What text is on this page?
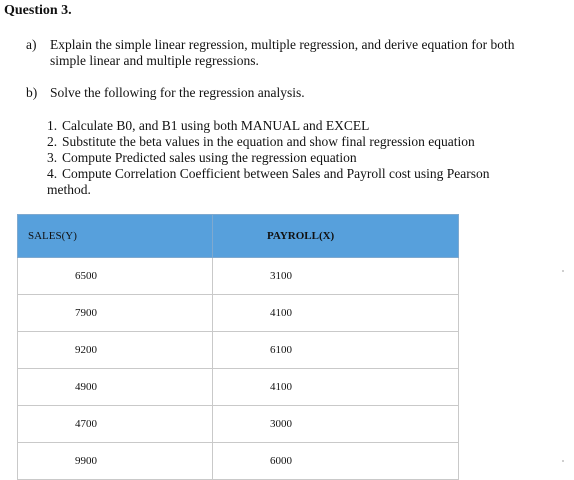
Question 3.
a) Explain the simple linear regression, multiple regression, and derive equation for both
simple linear and multiple regressions.
b) Solve the following for the regression analysis.
1. Calculate B0, and B1 using both MANUAL and EXCEL
2. Substitute the beta values in the equation and show final regression equation
3. Compute Predicted sales using the regression equation
4. Compute Correlation Coefficient between Sales and Payroll cost using Pearson
method.
SALES(Y)	PAYROLL(X)
6500	3100
7900	4100
9200	6100
4900	4100
4700	3000
9900	6000
